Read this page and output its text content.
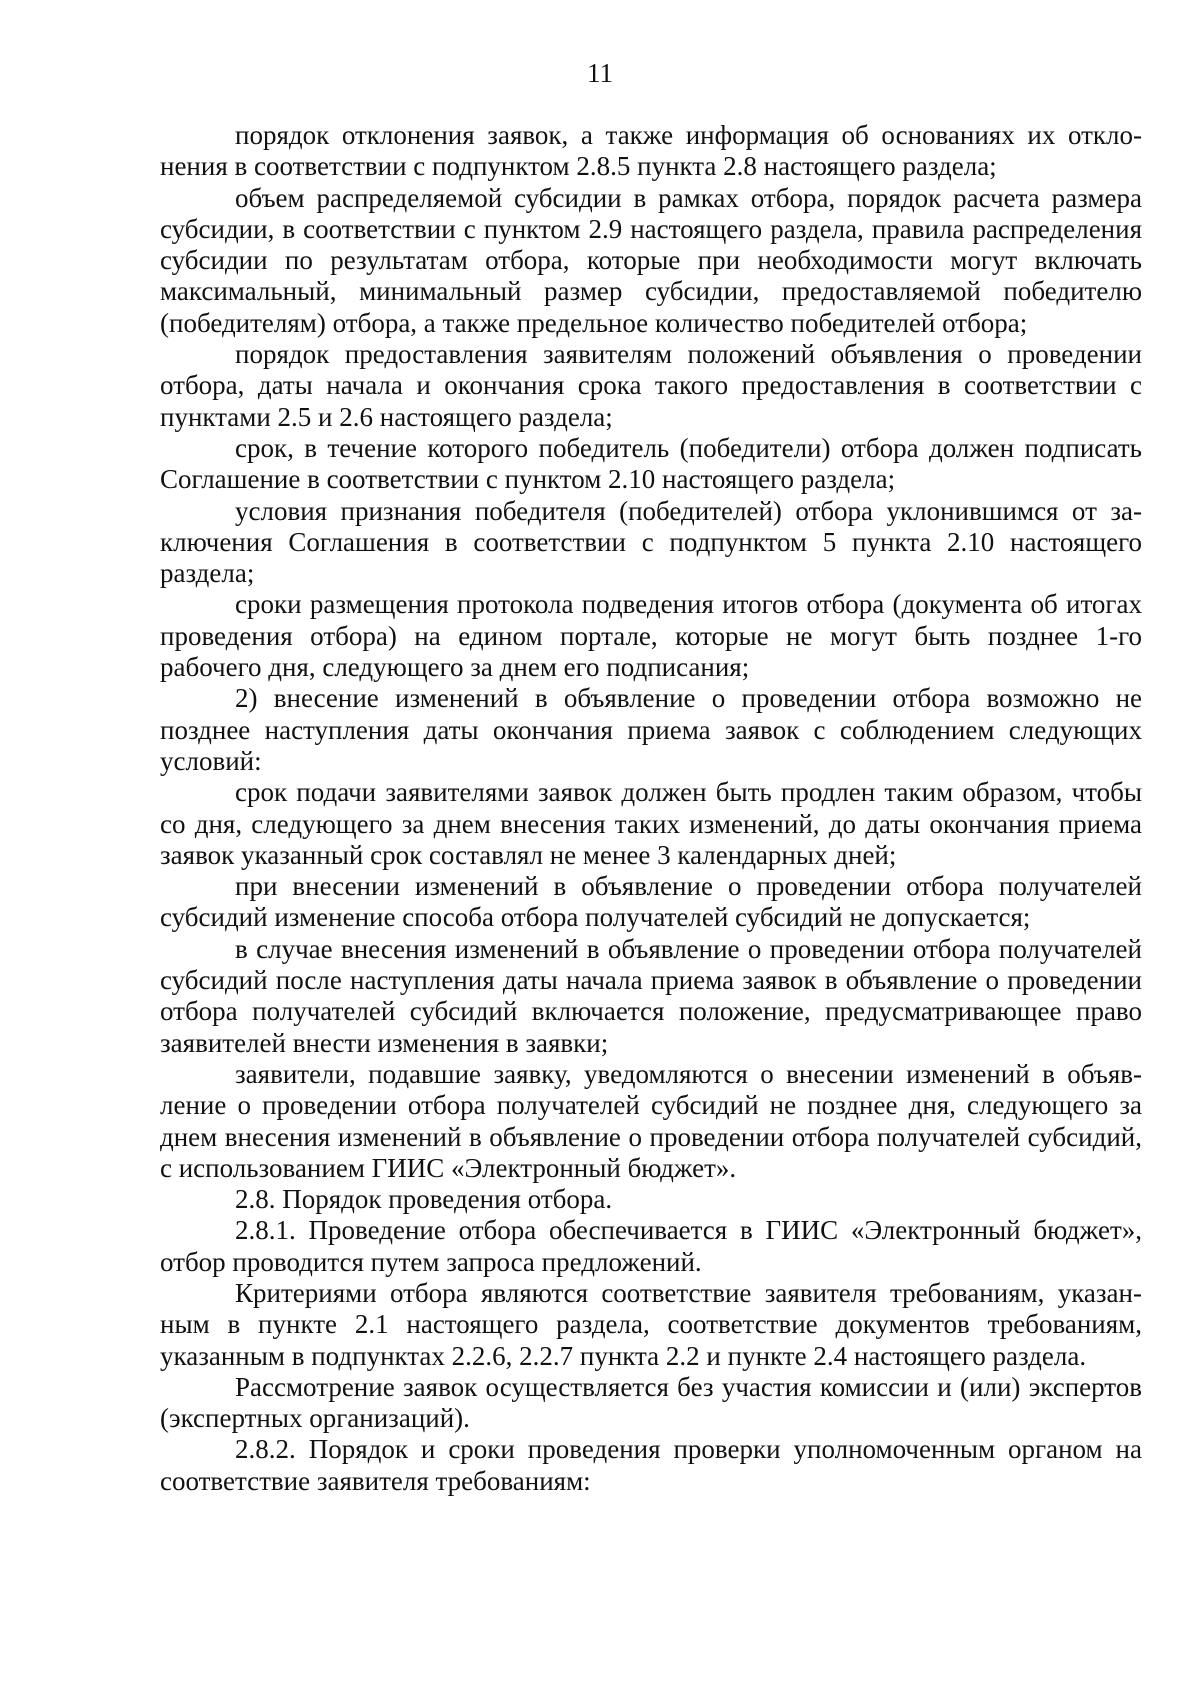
11

порядок отклонения заявок, а также информация об основаниях их отклонения в соответствии с подпунктом 2.8.5 пункта 2.8 настоящего раздела;

объем распределяемой субсидии в рамках отбора, порядок расчета размера субсидии, в соответствии с пунктом 2.9 настоящего раздела, правила распределения субсидии по результатам отбора, которые при необходимости могут включать максимальный, минимальный размер субсидии, предоставляемой победителю (победителям) отбора, а также предельное количество победителей отбора;

порядок предоставления заявителям положений объявления о проведении отбора, даты начала и окончания срока такого предоставления в соответствии с пунктами 2.5 и 2.6 настоящего раздела;

срок, в течение которого победитель (победители) отбора должен подписать Соглашение в соответствии с пунктом 2.10 настоящего раздела;

условия признания победителя (победителей) отбора уклонившимся от заключения Соглашения в соответствии с подпунктом 5 пункта 2.10 настоящего раздела;

сроки размещения протокола подведения итогов отбора (документа об итогах проведения отбора) на едином портале, которые не могут быть позднее 1-го рабочего дня, следующего за днем его подписания;

2) внесение изменений в объявление о проведении отбора возможно не позднее наступления даты окончания приема заявок с соблюдением следующих условий:

срок подачи заявителями заявок должен быть продлен таким образом, чтобы со дня, следующего за днем внесения таких изменений, до даты окончания приема заявок указанный срок составлял не менее 3 календарных дней;

при внесении изменений в объявление о проведении отбора получателей субсидий изменение способа отбора получателей субсидий не допускается;

в случае внесения изменений в объявление о проведении отбора получателей субсидий после наступления даты начала приема заявок в объявление о проведении отбора получателей субсидий включается положение, предусматривающее право заявителей внести изменения в заявки;

заявители, подавшие заявку, уведомляются о внесении изменений в объявление о проведении отбора получателей субсидий не позднее дня, следующего за днем внесения изменений в объявление о проведении отбора получателей субсидий, с использованием ГИИС «Электронный бюджет».

2.8. Порядок проведения отбора.

2.8.1. Проведение отбора обеспечивается в ГИИС «Электронный бюджет», отбор проводится путем запроса предложений.

Критериями отбора являются соответствие заявителя требованиям, указанным в пункте 2.1 настоящего раздела, соответствие документов требованиям, указанным в подпунктах 2.2.6, 2.2.7 пункта 2.2 и пункте 2.4 настоящего раздела.

Рассмотрение заявок осуществляется без участия комиссии и (или) экспертов (экспертных организаций).

2.8.2. Порядок и сроки проведения проверки уполномоченным органом на соответствие заявителя требованиям:
